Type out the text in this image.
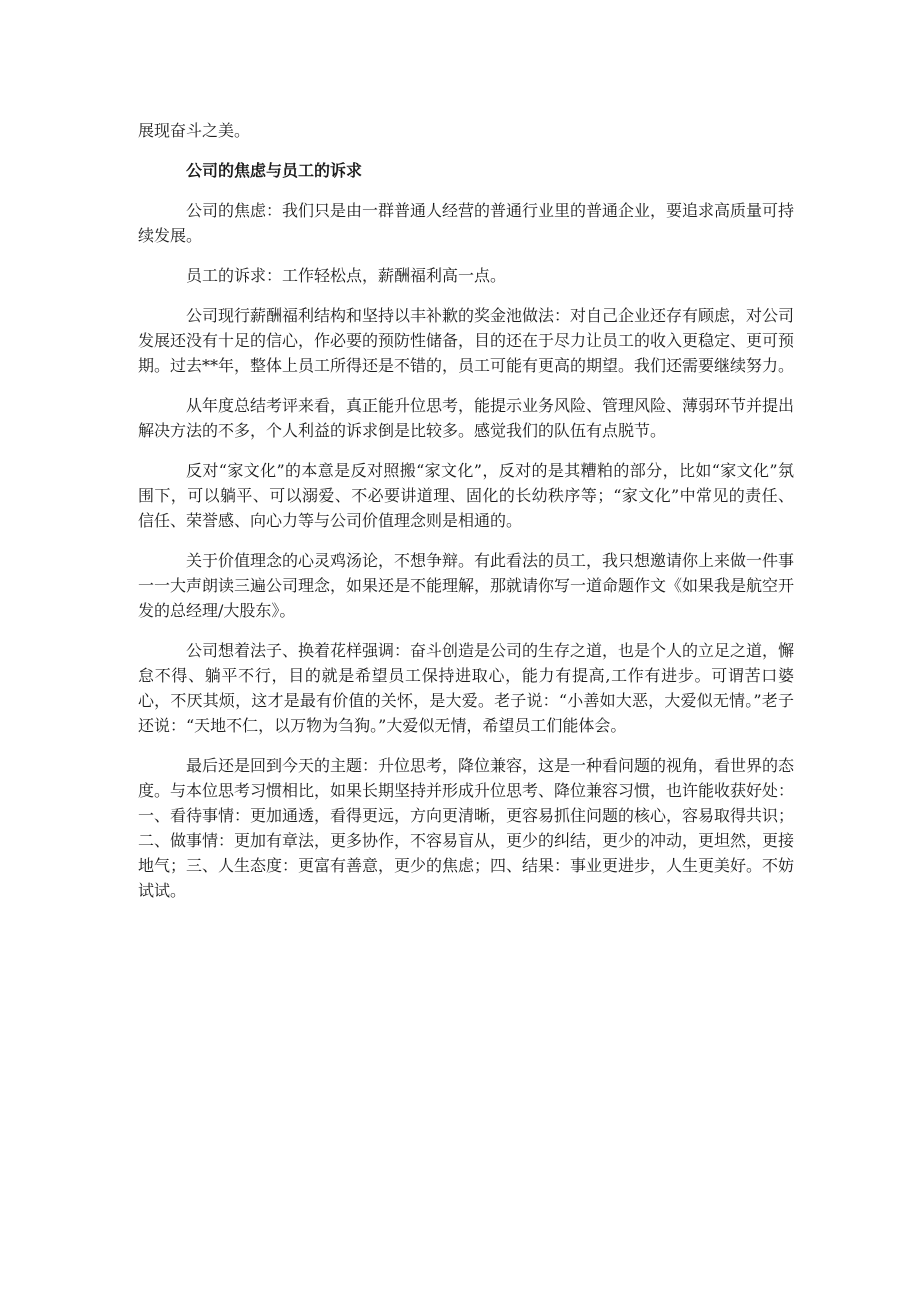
展现奋斗之美。

公司的焦虑与员工的诉求

公司的焦虑：我们只是由一群普通人经营的普通行业里的普通企业，要追求高质量可持续发展。

员工的诉求：工作轻松点，薪酬福利高一点。

公司现行薪酬福利结构和坚持以丰补歉的奖金池做法：对自己企业还存有顾虑，对公司发展还没有十足的信心，作必要的预防性储备，目的还在于尽力让员工的收入更稳定、更可预期。过去**年，整体上员工所得还是不错的，员工可能有更高的期望。我们还需要继续努力。

从年度总结考评来看，真正能升位思考，能提示业务风险、管理风险、薄弱环节并提出解决方法的不多，个人利益的诉求倒是比较多。感觉我们的队伍有点脱节。

反对“家文化”的本意是反对照搬“家文化”，反对的是其糟粕的部分，比如“家文化”氛围下，可以躺平、可以溺爱、不必要讲道理、固化的长幼秩序等；“家文化”中常见的责任、信任、荣誉感、向心力等与公司价值理念则是相通的。

关于价值理念的心灵鸡汤论，不想争辩。有此看法的员工，我只想邀请你上来做一件事一一大声朗读三遍公司理念，如果还是不能理解，那就请你写一道命题作文《如果我是航空开发的总经理/大股东》。

公司想着法子、换着花样强调：奋斗创造是公司的生存之道，也是个人的立足之道，懈怠不得、躺平不行，目的就是希望员工保持进取心，能力有提高,工作有进步。可谓苦口婆心，不厌其烦，这才是最有价值的关怀，是大爱。老子说：“小善如大恶，大爱似无情。”老子还说：“天地不仁，以万物为刍狗。”大爱似无情，希望员工们能体会。

最后还是回到今天的主题：升位思考，降位兼容，这是一种看问题的视角，看世界的态度。与本位思考习惯相比，如果长期坚持并形成升位思考、降位兼容习惯，也许能收获好处：一、看待事情：更加通透，看得更远，方向更清晰，更容易抓住问题的核心，容易取得共识；二、做事情：更加有章法，更多协作，不容易盲从，更少的纠结，更少的冲动，更坦然，更接地气；三、人生态度：更富有善意，更少的焦虑；四、结果：事业更进步，人生更美好。不妨试试。
